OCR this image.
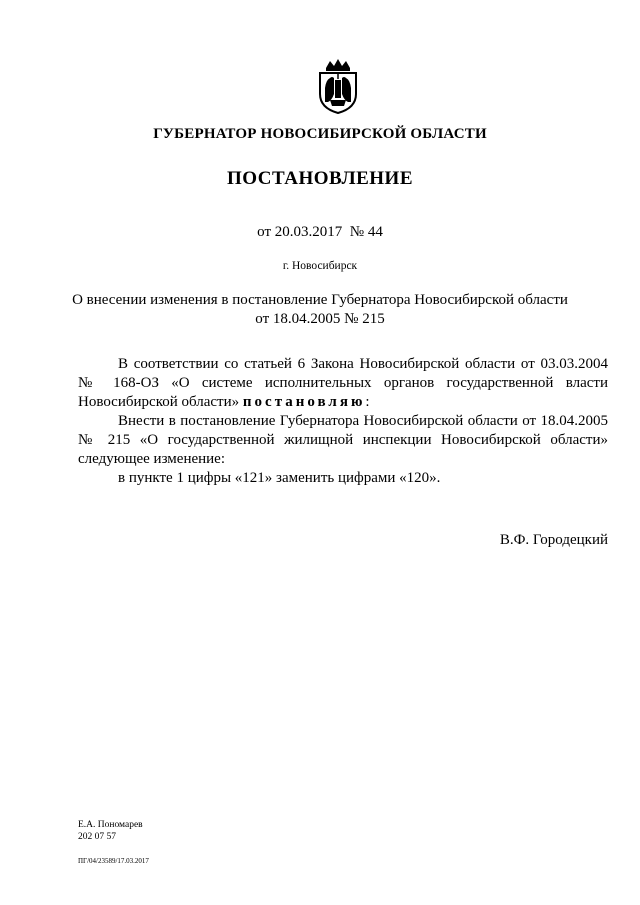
ГУБЕРНАТОР НОВОСИБИРСКОЙ ОБЛАСТИ
ПОСТАНОВЛЕНИЕ
от 20.03.2017  № 44
г. Новосибирск
О внесении изменения в постановление Губернатора Новосибирской области
от 18.04.2005 № 215

В соответствии со статьей 6 Закона Новосибирской области от 03.03.2004 № 168-ОЗ «О системе исполнительных органов государственной власти Новосибирской области» постановляю:

Внести в постановление Губернатора Новосибирской области от 18.04.2005 № 215 «О государственной жилищной инспекции Новосибирской области» следующее изменение:

в пункте 1 цифры «121» заменить цифрами «120».

В.Ф. Городецкий
Е.А. Пономарев
202 07 57
ПГ/04/23589/17.03.2017
